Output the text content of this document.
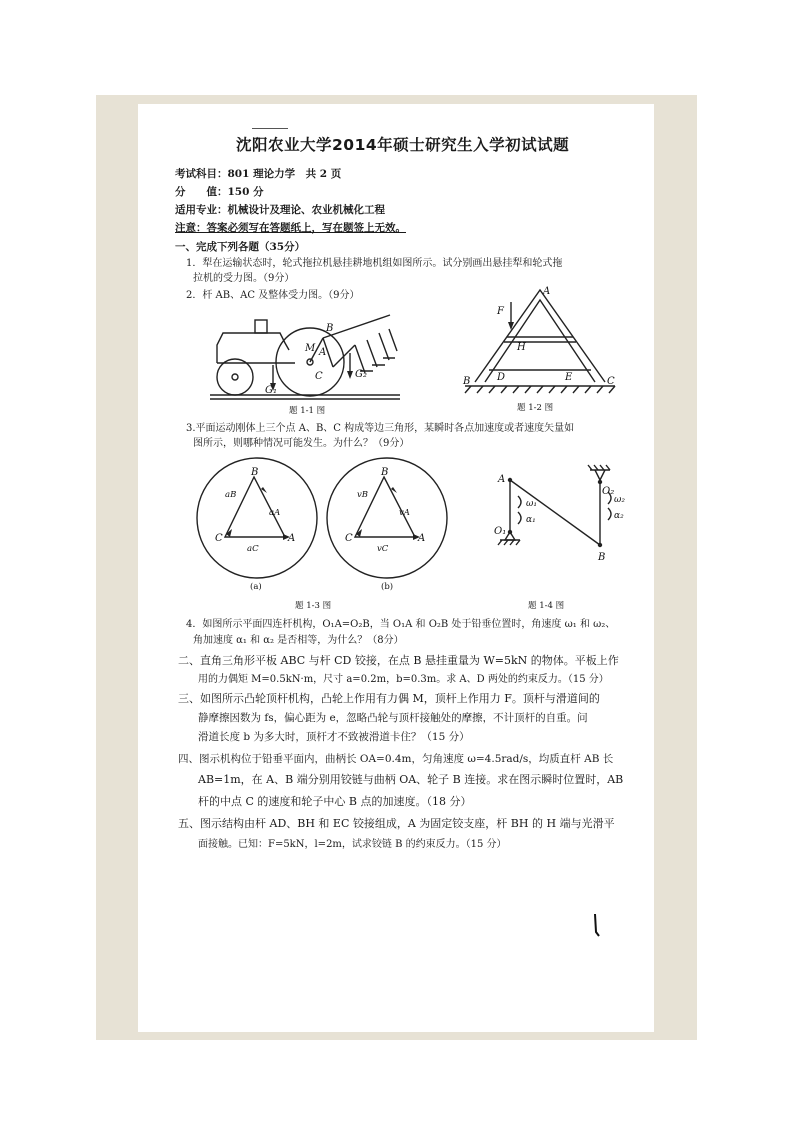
沈阳农业大学2014年硕士研究生入学初试试题
考试科目：801 理论力学　共 2 页
分　　值：150 分
适用专业：机械设计及理论、农业机械化工程
注意：答案必须写在答题纸上，写在题签上无效。
一、完成下列各题（35分）
1．犁在运输状态时，轮式拖拉机悬挂耕地机组如图所示。试分别画出悬挂犁和轮式拖
拉机的受力图。（9分）
2．杆 AB、AC 及整体受力图。（9分）
B
M A
C
G₁
G₂
题 1-1 图
A
F
H
D	E
B	C
题 1-2 图
3.平面运动刚体上三个点 A、B、C 构成等边三角形，某瞬时各点加速度或者速度矢量如
图所示，则哪种情况可能发生。为什么？（9分）
B
C	A
aB
aA
aC
B
C	A
vB
vA
vC
(a)	(b)
题 1-3 图
A
B
O₁
O₂
ω₁
α₁
ω₂
α₂
题 1-4 图
4．如图所示平面四连杆机构，O₁A=O₂B，当 O₁A 和 O₂B 处于铅垂位置时，角速度 ω₁ 和 ω₂、
角加速度 α₁ 和 α₂ 是否相等，为什么？（8分）
二、直角三角形平板 ABC 与杆 CD 铰接，在点 B 悬挂重量为 W=5kN 的物体。平板上作
用的力偶矩 M=0.5kN·m，尺寸 a=0.2m，b=0.3m。求 A、D 两处的约束反力。（15 分）
三、如图所示凸轮顶杆机构，凸轮上作用有力偶 M，顶杆上作用力 F。顶杆与滑道间的
静摩擦因数为 fs，偏心距为 e，忽略凸轮与顶杆接触处的摩擦，不计顶杆的自重。问
滑道长度 b 为多大时，顶杆才不致被滑道卡住？（15 分）
四、图示机构位于铅垂平面内，曲柄长 OA=0.4m，匀角速度 ω=4.5rad/s，均质直杆 AB 长
AB=1m，在 A、B 端分别用铰链与曲柄 OA、轮子 B 连接。求在图示瞬时位置时，AB
杆的中点 C 的速度和轮子中心 B 点的加速度。（18 分）
五、图示结构由杆 AD、BH 和 EC 铰接组成，A 为固定铰支座，杆 BH 的 H 端与光滑平
面接触。已知：F=5kN，l=2m，试求铰链 B 的约束反力。（15 分）
